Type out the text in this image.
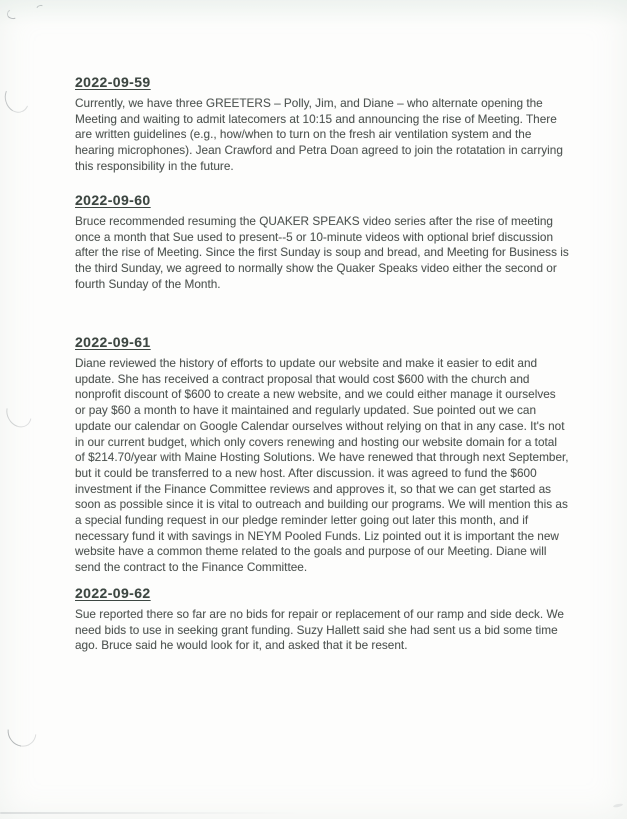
2022-09-59

Currently, we have three GREETERS – Polly, Jim, and Diane – who alternate opening the Meeting and waiting to admit latecomers at 10:15 and announcing the rise of Meeting. There are written guidelines (e.g., how/when to turn on the fresh air ventilation system and the hearing microphones). Jean Crawford and Petra Doan agreed to join the rotatation in carrying this responsibility in the future.

2022-09-60

Bruce recommended resuming the QUAKER SPEAKS video series after the rise of meeting once a month that Sue used to present--5 or 10-minute videos with optional brief discussion after the rise of Meeting. Since the first Sunday is soup and bread, and Meeting for Business is the third Sunday, we agreed to normally show the Quaker Speaks video either the second or fourth Sunday of the Month.

2022-09-61

Diane reviewed the history of efforts to update our website and make it easier to edit and update. She has received a contract proposal that would cost $600 with the church and nonprofit discount of $600 to create a new website, and we could either manage it ourselves or pay $60 a month to have it maintained and regularly updated. Sue pointed out we can update our calendar on Google Calendar ourselves without relying on that in any case. It's not in our current budget, which only covers renewing and hosting our website domain for a total of $214.70/year with Maine Hosting Solutions. We have renewed that through next September, but it could be transferred to a new host. After discussion. it was agreed to fund the $600 investment if the Finance Committee reviews and approves it, so that we can get started as soon as possible since it is vital to outreach and building our programs. We will mention this as a special funding request in our pledge reminder letter going out later this month, and if necessary fund it with savings in NEYM Pooled Funds. Liz pointed out it is important the new website have a common theme related to the goals and purpose of our Meeting. Diane will send the contract to the Finance Committee.

2022-09-62

Sue reported there so far are no bids for repair or replacement of our ramp and side deck. We need bids to use in seeking grant funding. Suzy Hallett said she had sent us a bid some time ago. Bruce said he would look for it, and asked that it be resent.
